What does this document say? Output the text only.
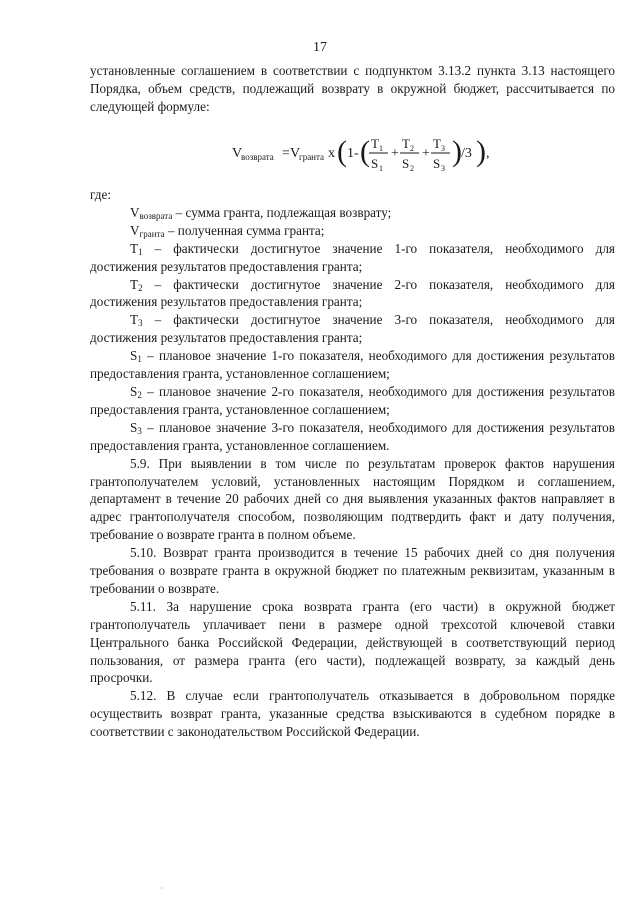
17

установленные соглашением в соответствии с подпунктом 3.13.2 пункта 3.13 настоящего Порядка, объем средств, подлежащий возврату в окружной бюджет, рассчитывается по следующей формуле:

V
возврата = V
гранта x ( 1- ( T 1
S 1
+
T 2
S 2
+
T 3
S 3
) /3 ) ,

где:

$V_{возврата}$ – сумма гранта, подлежащая возврату;

$V_{гранта}$ – полученная сумма гранта;

$T_1$ – фактически достигнутое значение 1-го показателя, необходимого для достижения результатов предоставления гранта;

$T_2$ – фактически достигнутое значение 2-го показателя, необходимого для достижения результатов предоставления гранта;

$T_3$ – фактически достигнутое значение 3-го показателя, необходимого для достижения результатов предоставления гранта;

$S_1$ – плановое значение 1-го показателя, необходимого для достижения результатов предоставления гранта, установленное соглашением;

$S_2$ – плановое значение 2-го показателя, необходимого для достижения результатов предоставления гранта, установленное соглашением;

$S_3$ – плановое значение 3-го показателя, необходимого для достижения результатов предоставления гранта, установленное соглашением.

5.9. При выявлении в том числе по результатам проверок фактов нарушения грантополучателем условий, установленных настоящим Порядком и соглашением, департамент в течение 20 рабочих дней со дня выявления указанных фактов направляет в адрес грантополучателя способом, позволяющим подтвердить факт и дату получения, требование о возврате гранта в полном объеме.

5.10. Возврат гранта производится в течение 15 рабочих дней со дня получения требования о возврате гранта в окружной бюджет по платежным реквизитам, указанным в требовании о возврате.

5.11. За нарушение срока возврата гранта (его части) в окружной бюджет грантополучатель уплачивает пени в размере одной трехсотой ключевой ставки Центрального банка Российской Федерации, действующей в соответствующий период пользования, от размера гранта (его части), подлежащей возврату, за каждый день просрочки.

5.12. В случае если грантополучатель отказывается в добровольном порядке осуществить возврат гранта, указанные средства взыскиваются в судебном порядке в соответствии с законодательством Российской Федерации.

·
